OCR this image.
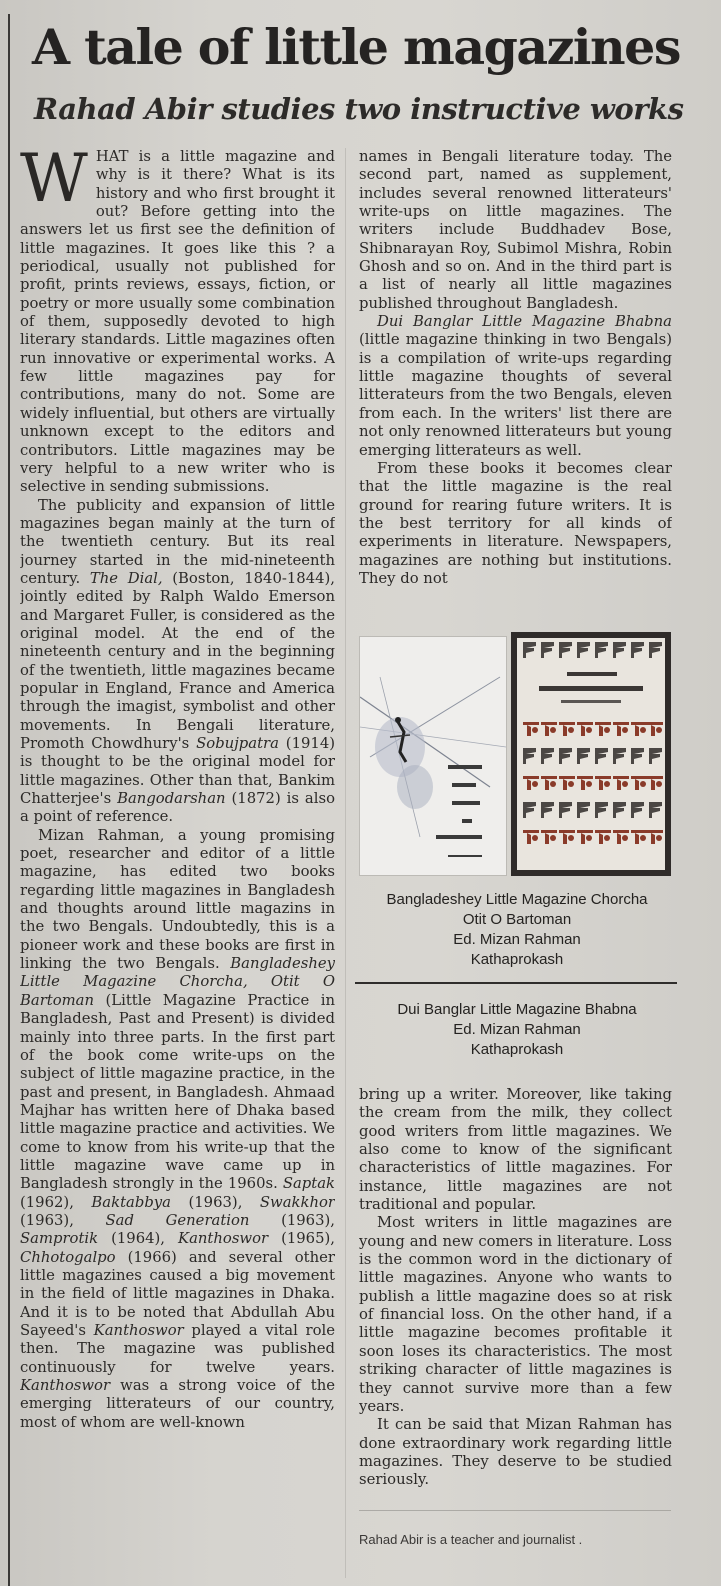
A tale of little magazines
Rahad Abir studies two instructive works

WHAT is a little magazine and why is it there? What is its history and who first brought it out? Before getting into the answers let us first see the definition of little magazines. It goes like this ? a periodical, usually not published for profit, prints reviews, essays, fiction, or poetry or more usually some combination of them, supposedly devoted to high literary standards. Little magazines often run innovative or experimental works. A few little magazines pay for contributions, many do not. Some are widely influential, but others are virtually unknown except to the editors and contributors. Little magazines may be very helpful to a new writer who is selective in sending submissions.

The publicity and expansion of little magazines began mainly at the turn of the twentieth century. But its real journey started in the mid-nineteenth century. The Dial, (Boston, 1840-1844), jointly edited by Ralph Waldo Emerson and Margaret Fuller, is considered as the original model. At the end of the nineteenth century and in the beginning of the twentieth, little magazines became popular in England, France and America through the imagist, symbolist and other movements. In Bengali literature, Promoth Chowdhury's Sobujpatra (1914) is thought to be the original model for little magazines. Other than that, Bankim Chatterjee's Bangodarshan (1872) is also a point of reference.

Mizan Rahman, a young promising poet, researcher and editor of a little magazine, has edited two books regarding little magazines in Bangladesh and thoughts around little magazins in the two Bengals. Undoubtedly, this is a pioneer work and these books are first in linking the two Bengals. Bangladeshey Little Magazine Chorcha, Otit O Bartoman (Little Magazine Practice in Bangladesh, Past and Present) is divided mainly into three parts. In the first part of the book come write-ups on the subject of little magazine practice, in the past and present, in Bangladesh. Ahmaad Majhar has written here of Dhaka based little magazine practice and activities. We come to know from his write-up that the little magazine wave came up in Bangladesh strongly in the 1960s. Saptak (1962), Baktabbya (1963), Swakkhor (1963), Sad Generation (1963), Samprotik (1964), Kanthoswor (1965), Chhotogalpo (1966) and several other little magazines caused a big movement in the field of little magazines in Dhaka. And it is to be noted that Abdullah Abu Sayeed's Kanthoswor played a vital role then. The magazine was published continuously for twelve years. Kanthoswor was a strong voice of the emerging litterateurs of our country, most of whom are well-known

names in Bengali literature today. The second part, named as supplement, includes several renowned litterateurs' write-ups on little magazines. The writers include Buddhadev Bose, Shibnarayan Roy, Subimol Mishra, Robin Ghosh and so on. And in the third part is a list of nearly all little magazines published throughout Bangladesh.

Dui Banglar Little Magazine Bhabna (little magazine thinking in two Bengals) is a compilation of write-ups regarding little magazine thoughts of several litterateurs from the two Bengals, eleven from each. In the writers' list there are not only renowned litterateurs but young emerging litterateurs as well.

From these books it becomes clear that the little magazine is the real ground for rearing future writers. It is the best territory for all kinds of experiments in literature. Newspapers, magazines are nothing but institutions. They do not

Bangladeshey Little Magazine Chorcha
Otit O Bartoman
Ed. Mizan Rahman
Kathaprokash
Dui Banglar Little Magazine Bhabna
Ed. Mizan Rahman
Kathaprokash

bring up a writer. Moreover, like taking the cream from the milk, they collect good writers from little magazines. We also come to know of the significant characteristics of little magazines. For instance, little magazines are not traditional and popular.

Most writers in little magazines are young and new comers in literature. Loss is the common word in the dictionary of little magazines. Anyone who wants to publish a little magazine does so at risk of financial loss. On the other hand, if a little magazine becomes profitable it soon loses its characteristics. The most striking character of little magazines is they cannot survive more than a few years.

It can be said that Mizan Rahman has done extraordinary work regarding little magazines. They deserve to be studied seriously.

Rahad Abir is a teacher and journalist .
